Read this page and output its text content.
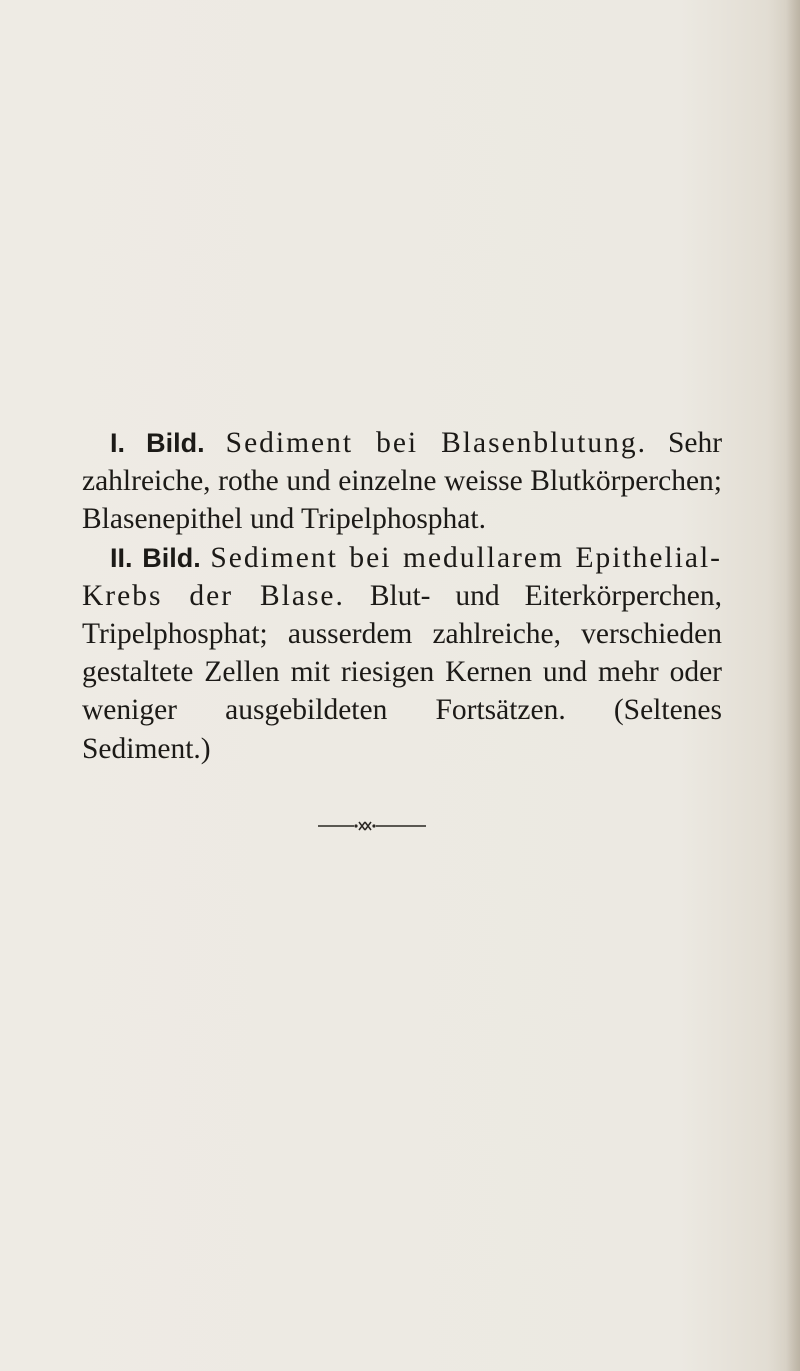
I. Bild. Sediment bei Blasenblutung. Sehr zahlreiche, rothe und einzelne weisse Blutkörperchen; Blasenepithel und Tripelphosphat.

II. Bild. Sediment bei medullarem Epithelial-Krebs der Blase. Blut- und Eiterkörperchen, Tripelphosphat; ausserdem zahlreiche, verschieden gestaltete Zellen mit riesigen Kernen und mehr oder weniger ausgebildeten Fortsätzen. (Seltenes Sediment.)
